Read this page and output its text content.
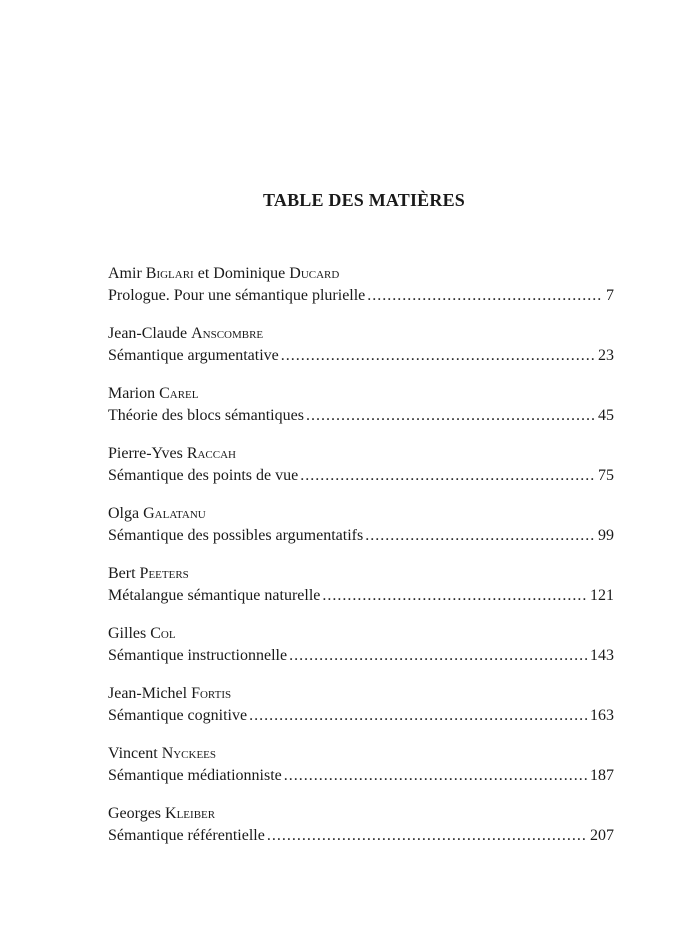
TABLE DES MATIÈRES
Amir Biglari et Dominique Ducard
Prologue. Pour une sémantique plurielle .....	7
Jean-Claude Anscombre
Sémantique argumentative .....	23
Marion Carel
Théorie des blocs sémantiques .....	45
Pierre-Yves Raccah
Sémantique des points de vue .....	75
Olga Galatanu
Sémantique des possibles argumentatifs .....	99
Bert Peeters
Métalangue sémantique naturelle .....	121
Gilles Col
Sémantique instructionnelle .....	143
Jean-Michel Fortis
Sémantique cognitive .....	163
Vincent Nyckees
Sémantique médiationniste .....	187
Georges Kleiber
Sémantique référentielle .....	207
